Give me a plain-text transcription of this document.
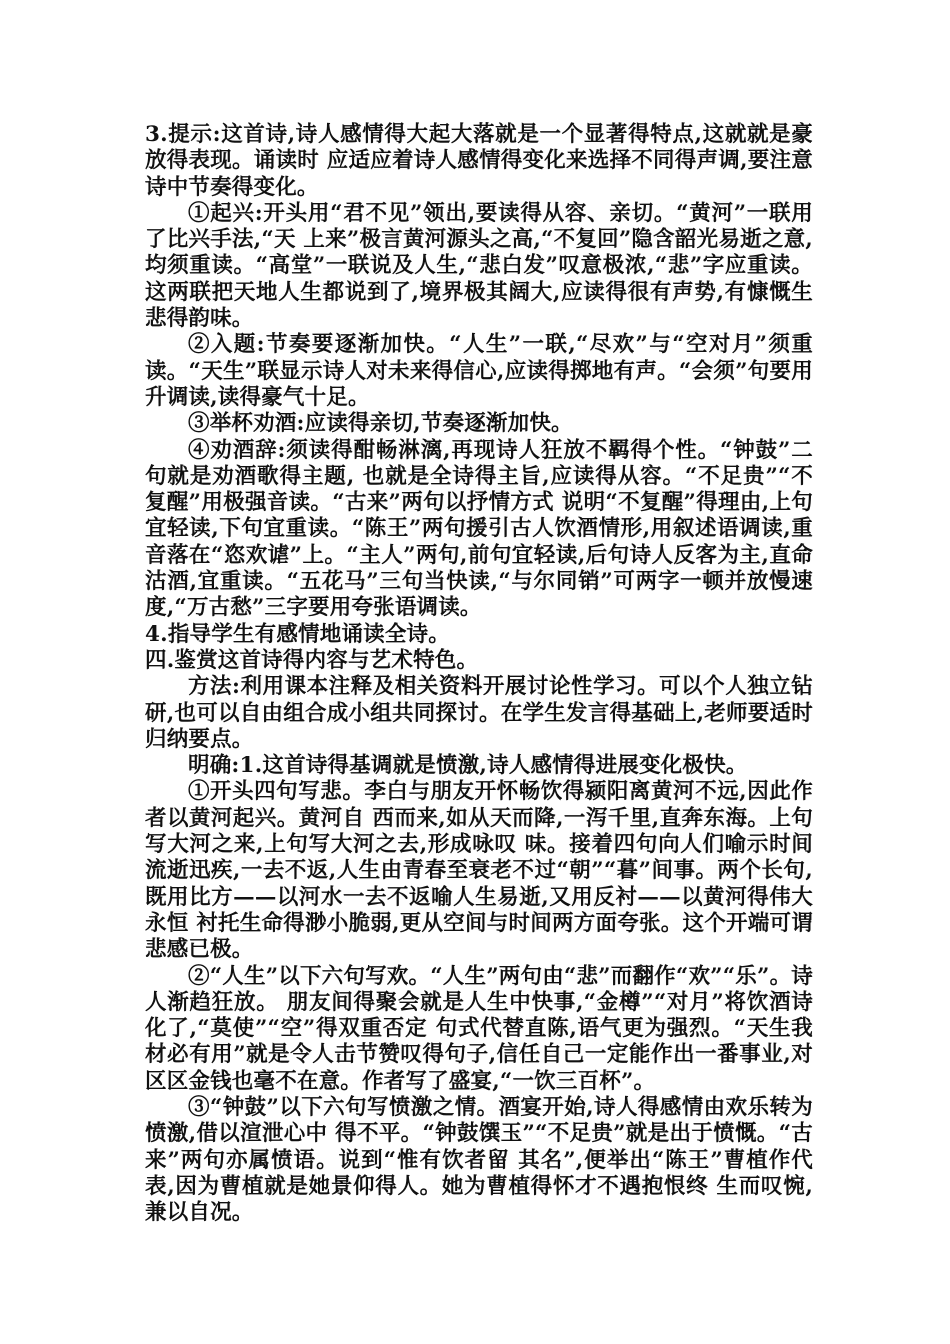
3.提示:这首诗,诗人感情得大起大落就是一个显著得特点,这就就是豪放得表现。诵读时 应适应着诗人感情得变化来选择不同得声调,要注意诗中节奏得变化。

①起兴:开头用“君不见”领出,要读得从容、亲切。“黄河”一联用了比兴手法,“天 上来”极言黄河源头之高,“不复回”隐含韶光易逝之意,均须重读。“高堂”一联说及人生,“悲白发”叹意极浓,“悲”字应重读。这两联把天地人生都说到了,境界极其阔大,应读得很有声势,有慷慨生悲得韵味。

②入题:节奏要逐渐加快。“人生”一联,“尽欢”与“空对月”须重读。“天生”联显示诗人对未来得信心,应读得掷地有声。“会须”句要用升调读,读得豪气十足。

③举杯劝酒:应读得亲切,节奏逐渐加快。

④劝酒辞:须读得酣畅淋漓,再现诗人狂放不羁得个性。“钟鼓”二句就是劝酒歌得主题, 也就是全诗得主旨,应读得从容。“不足贵”“不复醒”用极强音读。“古来”两句以抒情方式 说明“不复醒”得理由,上句宜轻读,下句宜重读。“陈王”两句援引古人饮酒情形,用叙述语调读,重音落在“恣欢谑”上。“主人”两句,前句宜轻读,后句诗人反客为主,直命沽酒,宜重读。“五花马”三句当快读,“与尔同销”可两字一顿并放慢速度,“万古愁”三字要用夸张语调读。

4.指导学生有感情地诵读全诗。

四.鉴赏这首诗得内容与艺术特色。

方法:利用课本注释及相关资料开展讨论性学习。可以个人独立钻研,也可以自由组合成小组共同探讨。在学生发言得基础上,老师要适时归纳要点。

明确:1.这首诗得基调就是愤激,诗人感情得进展变化极快。

①开头四句写悲。李白与朋友开怀畅饮得颍阳离黄河不远,因此作者以黄河起兴。黄河自 西而来,如从天而降,一泻千里,直奔东海。上句写大河之来,上句写大河之去,形成咏叹 味。接着四句向人们喻示时间流逝迅疾,一去不返,人生由青春至衰老不过“朝”“暮”间事。两个长句,既用比方——以河水一去不返喻人生易逝,又用反衬——以黄河得伟大永恒 衬托生命得渺小脆弱,更从空间与时间两方面夸张。这个开端可谓悲感已极。

②“人生”以下六句写欢。“人生”两句由“悲”而翻作“欢”“乐”。诗人渐趋狂放。 朋友间得聚会就是人生中快事,“金樽”“对月”将饮酒诗化了,“莫使”“空”得双重否定 句式代替直陈,语气更为强烈。“天生我材必有用”就是令人击节赞叹得句子,信任自己一定能作出一番事业,对区区金钱也毫不在意。作者写了盛宴,“一饮三百杯”。

③“钟鼓”以下六句写愤激之情。酒宴开始,诗人得感情由欢乐转为愤激,借以渲泄心中 得不平。“钟鼓馔玉”“不足贵”就是出于愤慨。“古来”两句亦属愤语。说到“惟有饮者留 其名”,便举出“陈王”曹植作代表,因为曹植就是她景仰得人。她为曹植得怀才不遇抱恨终 生而叹惋,兼以自况。
